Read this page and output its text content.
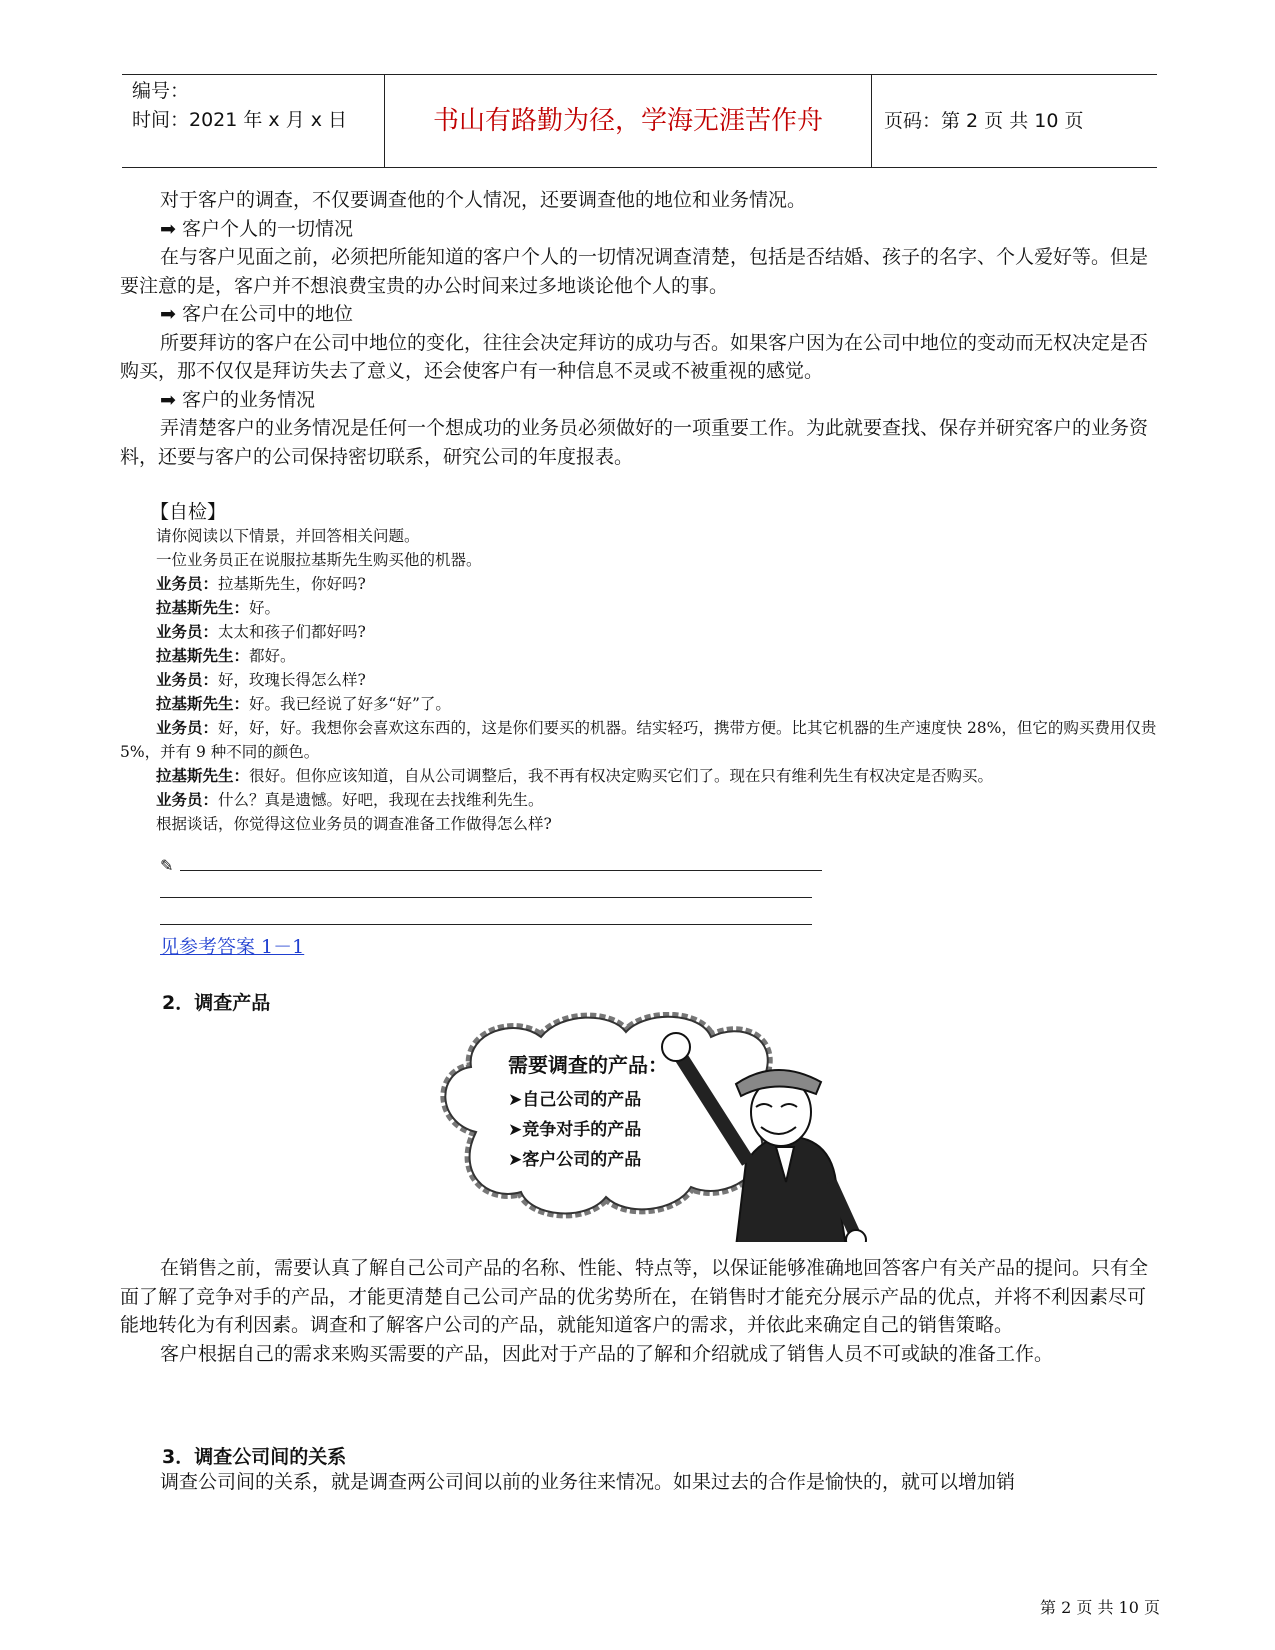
编号：
时间：2021 年 x 月 x 日	书山有路勤为径，学海无涯苦作舟	页码：第 2 页 共 10 页

对于客户的调查，不仅要调查他的个人情况，还要调查他的地位和业务情况。

➡ 客户个人的一切情况

在与客户见面之前，必须把所能知道的客户个人的一切情况调查清楚，包括是否结婚、孩子的名字、个人爱好等。但是要注意的是，客户并不想浪费宝贵的办公时间来过多地谈论他个人的事。

➡ 客户在公司中的地位

所要拜访的客户在公司中地位的变化，往往会决定拜访的成功与否。如果客户因为在公司中地位的变动而无权决定是否购买，那不仅仅是拜访失去了意义，还会使客户有一种信息不灵或不被重视的感觉。

➡ 客户的业务情况

弄清楚客户的业务情况是任何一个想成功的业务员必须做好的一项重要工作。为此就要查找、保存并研究客户的业务资料，还要与客户的公司保持密切联系，研究公司的年度报表。

【自检】

请你阅读以下情景，并回答相关问题。

一位业务员正在说服拉基斯先生购买他的机器。

业务员：拉基斯先生，你好吗?

拉基斯先生：好。

业务员：太太和孩子们都好吗?

拉基斯先生：都好。

业务员：好，玫瑰长得怎么样?

拉基斯先生：好。我已经说了好多“好”了。

业务员：好，好，好。我想你会喜欢这东西的，这是你们要买的机器。结实轻巧，携带方便。比其它机器的生产速度快 28%，但它的购买费用仅贵 5%，并有 9 种不同的颜色。

拉基斯先生：很好。但你应该知道，自从公司调整后，我不再有权决定购买它们了。现在只有维利先生有权决定是否购买。

业务员：什么？真是遗憾。好吧，我现在去找维利先生。

根据谈话，你觉得这位业务员的调查准备工作做得怎么样?

✎
见参考答案 1－1
2．调查产品
需要调查的产品：
➤自己公司的产品
➤竞争对手的产品
➤客户公司的产品

在销售之前，需要认真了解自己公司产品的名称、性能、特点等，以保证能够准确地回答客户有关产品的提问。只有全面了解了竞争对手的产品，才能更清楚自己公司产品的优劣势所在，在销售时才能充分展示产品的优点，并将不利因素尽可能地转化为有利因素。调查和了解客户公司的产品，就能知道客户的需求，并依此来确定自己的销售策略。

客户根据自己的需求来购买需要的产品，因此对于产品的了解和介绍就成了销售人员不可或缺的准备工作。

3．调查公司间的关系

调查公司间的关系，就是调查两公司间以前的业务往来情况。如果过去的合作是愉快的，就可以增加销

第 2 页 共 10 页
